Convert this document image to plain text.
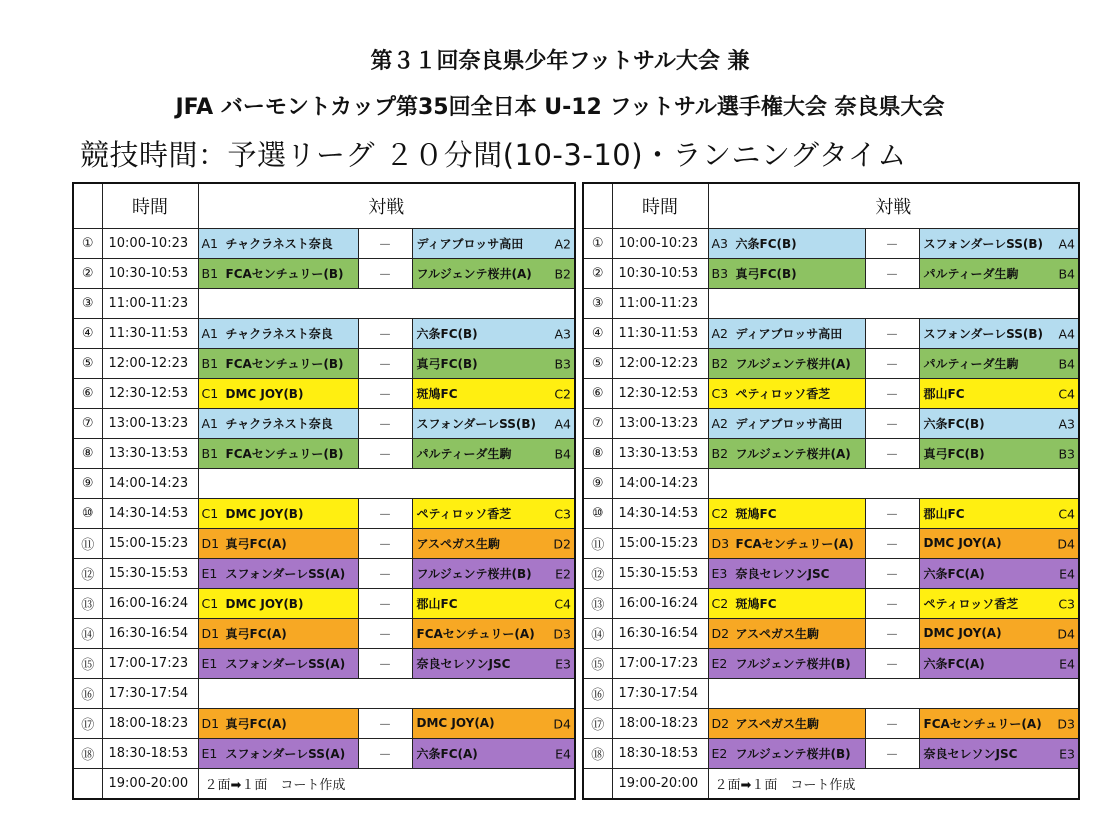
第３１回奈良県少年フットサル大会 兼
JFA バーモントカップ第35回全日本 U-12 フットサル選手権大会 奈良県大会
競技時間：予選リーグ ２０分間(10-3-10)・ランニングタイム
	時間	対戦		
①	10:00-10:23	A1 チャクラネスト奈良	－	ディアブロッサ高田 A2

②	10:30-10:53	B1 FCAセンチュリー(B)	－	フルジェンテ桜井(A) B2

③	11:00-11:23			
④	11:30-11:53	A1 チャクラネスト奈良	－	六条FC(B) A3

⑤	12:00-12:23	B1 FCAセンチュリー(B)	－	真弓FC(B) B3

⑥	12:30-12:53	C1 DMC JOY(B)	－	斑鳩FC C2

⑦	13:00-13:23	A1 チャクラネスト奈良	－	スフォンダーレSS(B) A4

⑧	13:30-13:53	B1 FCAセンチュリー(B)	－	パルティーダ生駒 B4

⑨	14:00-14:23			
⑩	14:30-14:53	C1 DMC JOY(B)	－	ペティロッソ香芝 C3

⑪	15:00-15:23	D1 真弓FC(A)	－	アスペガス生駒 D2

⑫	15:30-15:53	E1 スフォンダーレSS(A)	－	フルジェンテ桜井(B) E2

⑬	16:00-16:24	C1 DMC JOY(B)	－	郡山FC C4

⑭	16:30-16:54	D1 真弓FC(A)	－	FCAセンチュリー(A) D3

⑮	17:00-17:23	E1 スフォンダーレSS(A)	－	奈良セレソンJSC E3

⑯	17:30-17:54			
⑰	18:00-18:23	D1 真弓FC(A)	－	DMC JOY(A) D4

⑱	18:30-18:53	E1 スフォンダーレSS(A)	－	六条FC(A) E4

	19:00-20:00	２面➡１面　コート作成		
	時間	対戦		
①	10:00-10:23	A3 六条FC(B)	－	スフォンダーレSS(B) A4

②	10:30-10:53	B3 真弓FC(B)	－	パルティーダ生駒 B4

③	11:00-11:23			
④	11:30-11:53	A2 ディアブロッサ高田	－	スフォンダーレSS(B) A4

⑤	12:00-12:23	B2 フルジェンテ桜井(A)	－	パルティーダ生駒 B4

⑥	12:30-12:53	C3 ペティロッソ香芝	－	郡山FC C4

⑦	13:00-13:23	A2 ディアブロッサ高田	－	六条FC(B) A3

⑧	13:30-13:53	B2 フルジェンテ桜井(A)	－	真弓FC(B) B3

⑨	14:00-14:23			
⑩	14:30-14:53	C2 斑鳩FC	－	郡山FC C4

⑪	15:00-15:23	D3 FCAセンチュリー(A)	－	DMC JOY(A) D4

⑫	15:30-15:53	E3 奈良セレソンJSC	－	六条FC(A) E4

⑬	16:00-16:24	C2 斑鳩FC	－	ペティロッソ香芝 C3

⑭	16:30-16:54	D2 アスペガス生駒	－	DMC JOY(A) D4

⑮	17:00-17:23	E2 フルジェンテ桜井(B)	－	六条FC(A) E4

⑯	17:30-17:54			
⑰	18:00-18:23	D2 アスペガス生駒	－	FCAセンチュリー(A) D3

⑱	18:30-18:53	E2 フルジェンテ桜井(B)	－	奈良セレソンJSC E3

	19:00-20:00	２面➡１面　コート作成		
